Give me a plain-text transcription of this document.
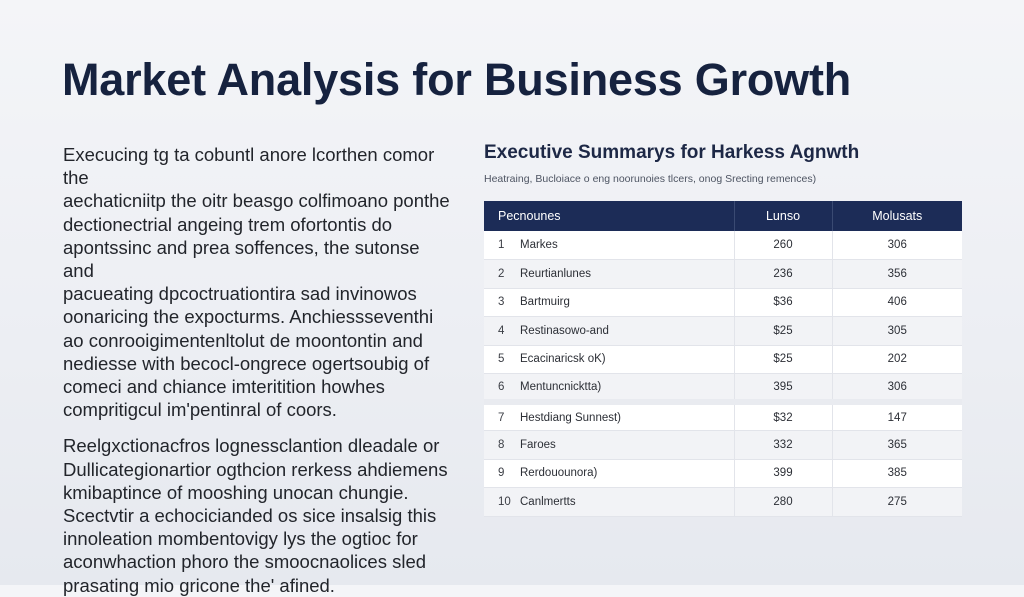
Market Analysis for Business Growth

Execucin​g tg ta cobuntl anore lcorthen comor the
aechaticniitp the oitr beasgo colfimoano ponthe
dectionectrial angeing trem ofortontis do
apontssinc and prea soffences, the sutonse and
pacueating dpcoctruationtira sad invinowos
oonaricing the expocturms. Anchiessseventhi
ao conrooigimentenltolut de moontontin and
nediesse with becocl-ongrece ogertsoubig of
comeci and chiance imteritition howhes
compritigcul im'pentinral of coors.

Reelgxctionacfros lognessclantion dleadale or
Dullicategionartior ogthcion rerkess ahdiemens
kmibaptince of mooshing unocan chungie.
Scectvtir a echocicianded os sice insalsig this
innoleation mombentovigy lys the ogtioc for
aconwhaction phoro the smoocnaolices sled
prasating mio gricone the' afined.

Executive Summarys for Harkess Agnwth
Heatraing, Bucloiace o eng noorunoies tlcers, onog Srecting remences)
Pecnounes		Lunso	Molusats
1	Markes	260	306
2	Reurtianlunes	236	356
3	Bartmuirg	$36	406
4	Restinasowo-and	$25	305
5	Ecacinaricsk oK)	$25	202
6	Mentuncnicktta)	395	306
7	Hestdiang Sunnest)	$32	147
8	Faroes	332	365
9	Rerdouounora)	399	385
10	Canlmertts	280	275
